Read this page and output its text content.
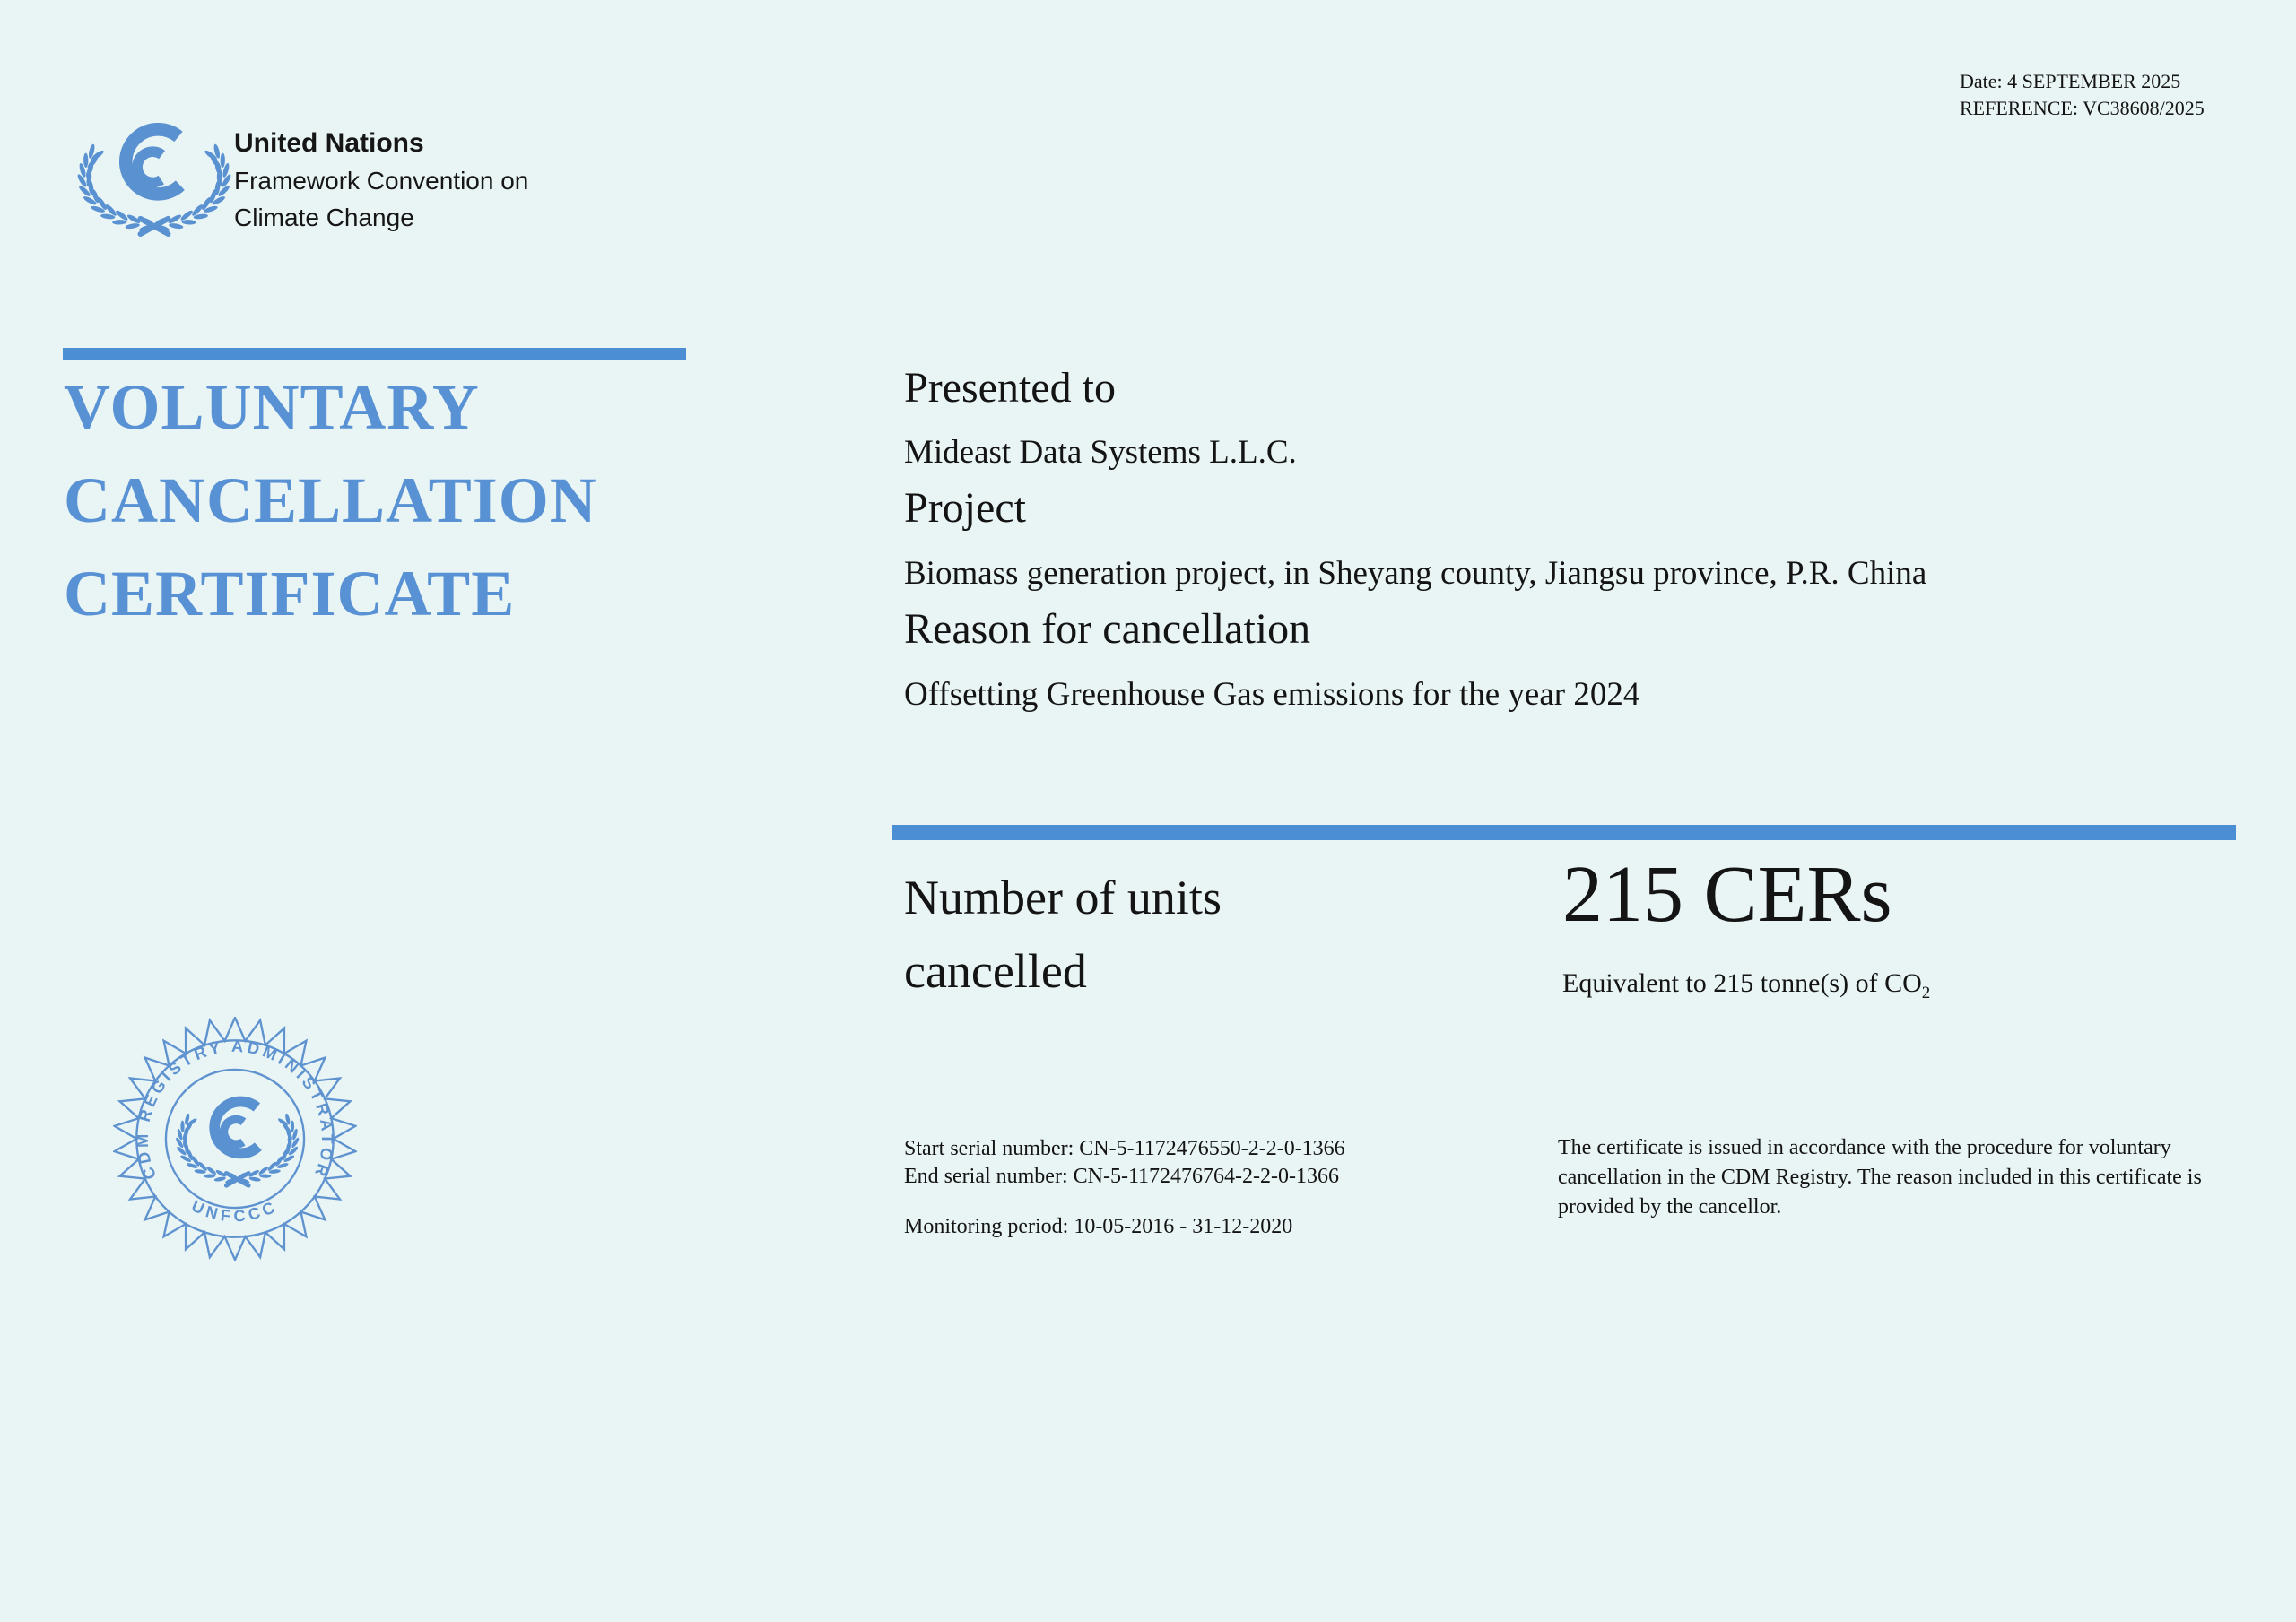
Date: 4 SEPTEMBER 2025
REFERENCE: VC38608/2025
United Nations
Framework Convention on
Climate Change
VOLUNTARY
CANCELLATION
CERTIFICATE
Presented to
Mideast Data Systems L.L.C.
Project
Biomass generation project, in Sheyang county, Jiangsu province, P.R. China
Reason for cancellation
Offsetting Greenhouse Gas emissions for the year 2024
Number of units
cancelled
215 CERs
Equivalent to 215 tonne(s) of $CO_2$
CDM REGISTRY ADMINISTRATOR
UNFCCC
Start serial number: CN-5-1172476550-2-2-0-1366
End serial number: CN-5-1172476764-2-2-0-1366
Monitoring period: 10-05-2016 - 31-12-2020
The certificate is issued in accordance with the procedure for voluntary
cancellation in the CDM Registry. The reason included in this certificate is
provided by the cancellor.
